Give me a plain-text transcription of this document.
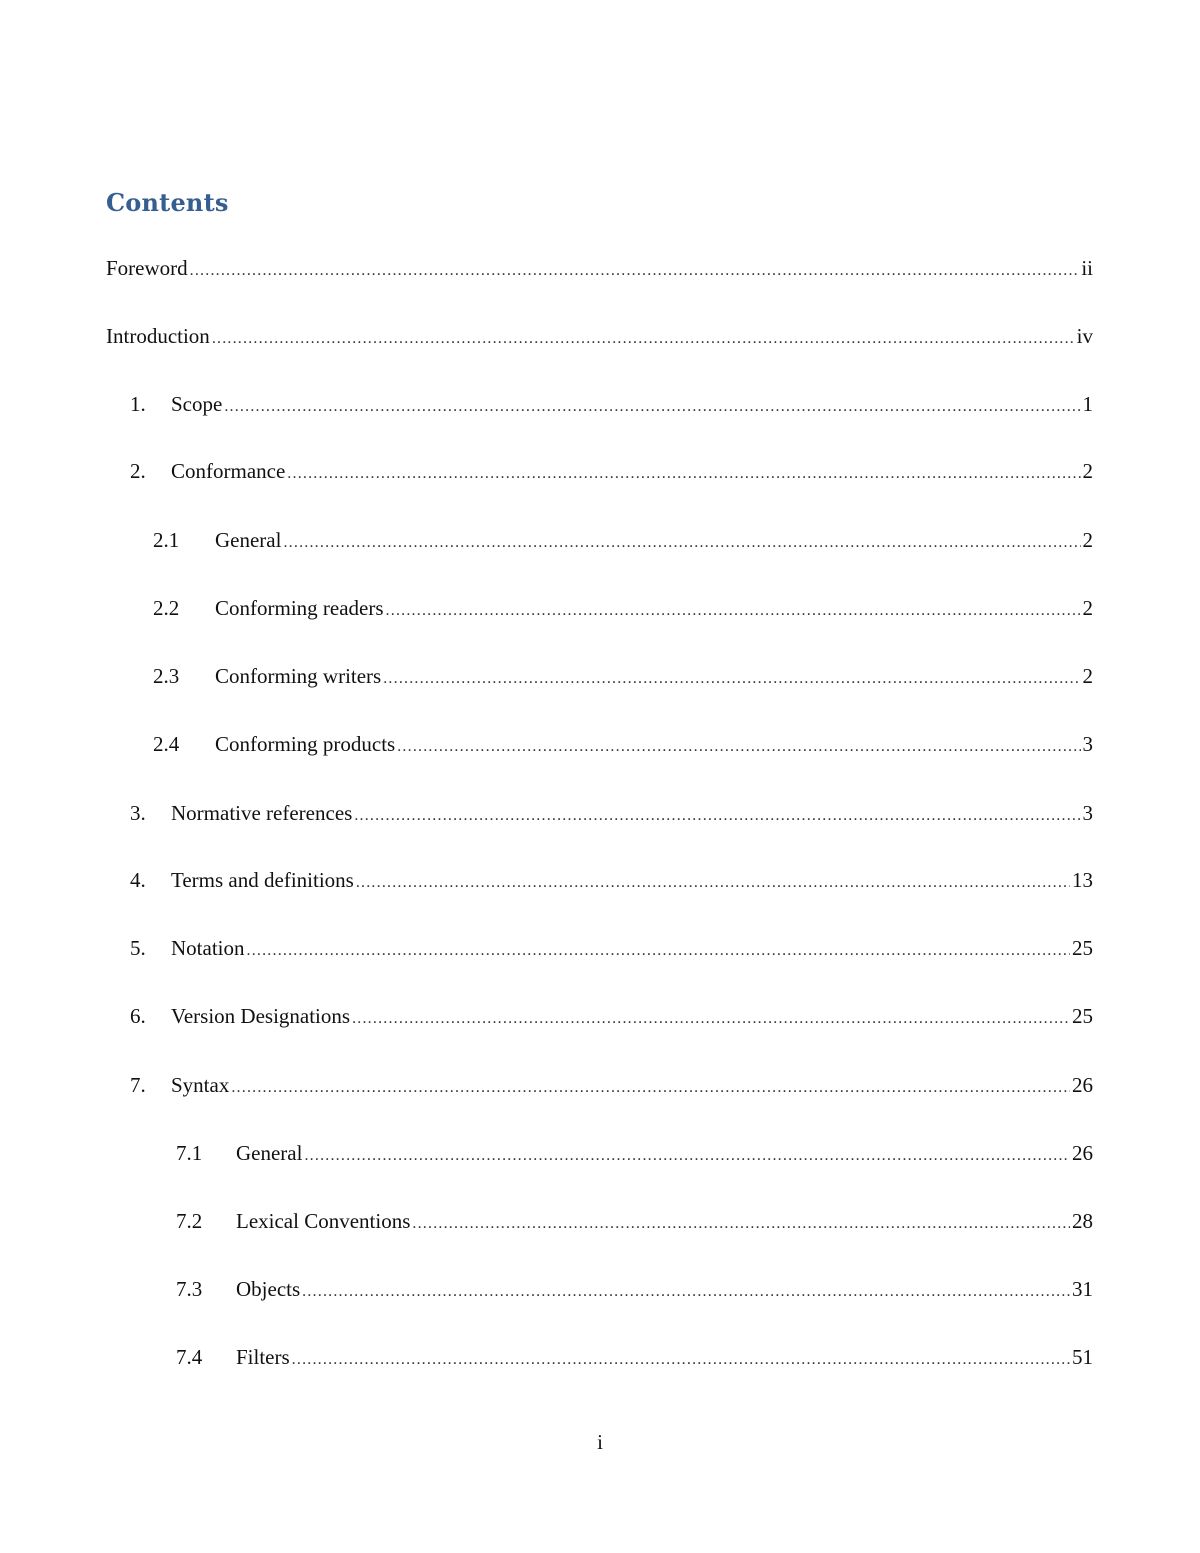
Contents
Foreword .....	ii
Introduction .....	iv
1.	Scope .....	1
2.	Conformance .....	2
2.1	General .....	2
2.2	Conforming readers .....	2
2.3	Conforming writers .....	2
2.4	Conforming products .....	3
3.	Normative references .....	3
4.	Terms and definitions .....	13
5.	Notation .....	25
6.	Version Designations .....	25
7.	Syntax .....	26
7.1	General .....	26
7.2	Lexical Conventions .....	28
7.3	Objects .....	31
7.4	Filters .....	51
i
